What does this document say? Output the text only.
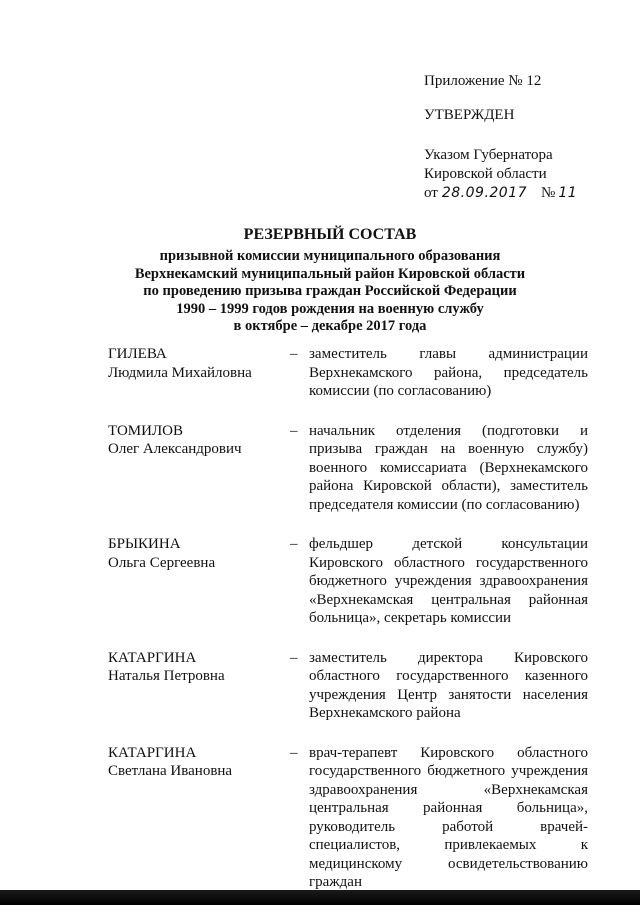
Приложение № 12
УТВЕРЖДЕН
Указом Губернатора
Кировской области
от 28.09.2017 № 11
РЕЗЕРВНЫЙ СОСТАВ
призывной комиссии муниципального образования
Верхнекамский муниципальный район Кировской области
по проведению призыва граждан Российской Федерации
1990 – 1999 годов рождения на военную службу
в октябре – декабре 2017 года
ГИЛЕВА
Людмила Михайловна
– заместитель главы администрации Верхнекамского района, председатель комиссии (по согласованию)
ТОМИЛОВ
Олег Александрович
– начальник отделения (подготовки и призыва граждан на военную службу) военного комиссариата (Верхнекамского района Кировской области), заместитель председателя комиссии (по согласованию)
БРЫКИНА
Ольга Сергеевна
– фельдшер детской консультации Кировского областного государственного бюджетного учреждения здравоохранения «Верхнекамская центральная районная больница», секретарь комиссии
КАТАРГИНА
Наталья Петровна
– заместитель директора Кировского областного государственного казенного учреждения Центр занятости населения Верхнекамского района
КАТАРГИНА
Светлана Ивановна
– врач-терапевт Кировского областного государственного бюджетного учреждения здравоохранения «Верхнекамская центральная районная больница», руководитель работой врачей-специалистов, привлекаемых к медицинскому освидетельствованию граждан
